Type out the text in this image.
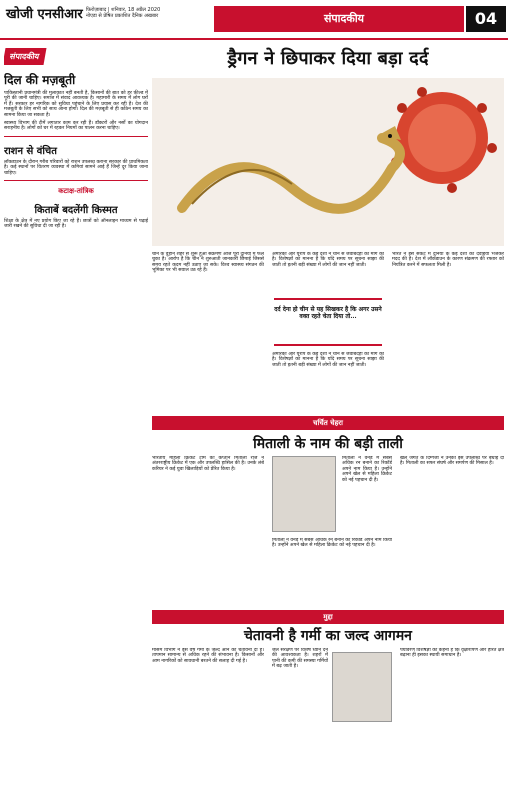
खोजी एनसीआर फ़िरोज़ाबाद | शनिवार, 18 अप्रैल 2020
नोएडा से प्रेषित प्रकाशित दैनिक अखबार	संपादकीय	04
संपादकीय
दिल की मज़बूती

पाकिस्तानी प्रधानमंत्री की मुलाक़ात नहीं बनती है, किसानों की बात को हर फ़ील्ड में पूरी की जानी चाहिए। समाज में संवाद आवश्यक है। महामारी के समय में लोग घरों में हैं। सरकार हर नागरिक को सुविधा पहुंचाने के लिए प्रयास कर रही है। देश की मजबूती के लिए सभी को साथ आना होगा। दिल की मज़बूती से ही कठिन समय का सामना किया जा सकता है।

स्वास्थ्य विभाग की टीमें लगातार काम कर रही हैं। डॉक्टरों और नर्सों का योगदान सराहनीय है। लोगों को घर में रहकर नियमों का पालन करना चाहिए।

राशन से वंचित

लॉकडाउन के दौरान गरीब परिवारों को राशन उपलब्ध कराना सरकार की प्राथमिकता है। कई स्थानों पर वितरण व्यवस्था में कमियां सामने आई हैं जिन्हें दूर किया जाना चाहिए।

कटाक्ष-तांत्रिक
किताबें बदलेंगी किस्मत

शिक्षा के क्षेत्र में नए प्रयोग किए जा रहे हैं। छात्रों को ऑनलाइन माध्यम से पढ़ाई जारी रखने की सुविधा दी जा रही है।

ड्रैगन ने छिपाकर दिया बड़ा दर्द
चीन के वुहान शहर से शुरू हुआ संक्रमण आज पूरी दुनिया में फैल चुका है। आरोप है कि चीन ने शुरुआती जानकारी छिपाई जिससे समय रहते कदम नहीं उठाए जा सके। विश्व स्वास्थ्य संगठन की भूमिका पर भी सवाल उठ रहे हैं।
अमेरिका और यूरोप के कई देशों ने चीन से जवाबदेही की मांग की है। विशेषज्ञों का मानना है कि यदि समय पर सूचना साझा की जाती तो इतनी बड़ी संख्या में लोगों की जान नहीं जाती।
भारत ने इस संकट में दुनिया के कई देशों को दवाइयां भेजकर मदद की है। देश में लॉकडाउन के कारण संक्रमण की रफ्तार को नियंत्रित करने में सफलता मिली है।
दर्द देना हो चीन से यह सिखकर है कि अगर उसने वक्त रहते चेता दिया तो...
अमेरिका और यूरोप के कई देशों ने चीन से जवाबदेही की मांग की है। विशेषज्ञों का मानना है कि यदि समय पर सूचना साझा की जाती तो इतनी बड़ी संख्या में लोगों की जान नहीं जाती।
चर्चित चेहरा
मिताली के नाम की बड़ी ताली
भारतीय महिला क्रिकेट टीम की कप्तान मिताली राज ने अंतरराष्ट्रीय क्रिकेट में एक और उपलब्धि हासिल की है। उनके लंबे करियर ने कई युवा खिलाड़ियों को प्रेरित किया है।
मिताली ने वनडे में सबसे अधिक रन बनाने का रिकॉर्ड अपने नाम किया है। उन्होंने अपने खेल से महिला क्रिकेट को नई पहचान दी है।
मिताली ने वनडे में सबसे अधिक रन बनाने का रिकॉर्ड अपने नाम किया है। उन्होंने अपने खेल से महिला क्रिकेट को नई पहचान दी है।
खेल जगत के दिग्गजों ने उनकी इस उपलब्धि पर बधाई दी है। मिताली का सफर संघर्ष और समर्पण की मिसाल है।
मुद्दा
चेतावनी है गर्मी का जल्द आगमन
मौसम विभाग ने इस वर्ष गर्मी के जल्द आने की चेतावनी दी है। तापमान सामान्य से अधिक रहने की संभावना है। किसानों और आम नागरिकों को सावधानी बरतने की सलाह दी गई है।
जल संरक्षण पर विशेष ध्यान देने की आवश्यकता है। शहरों में पानी की कमी की समस्या गर्मियों में बढ़ जाती है।
पर्यावरण विशेषज्ञों का कहना है कि वृक्षारोपण और हरित क्षेत्र बढ़ाना ही इसका स्थायी समाधान है।
